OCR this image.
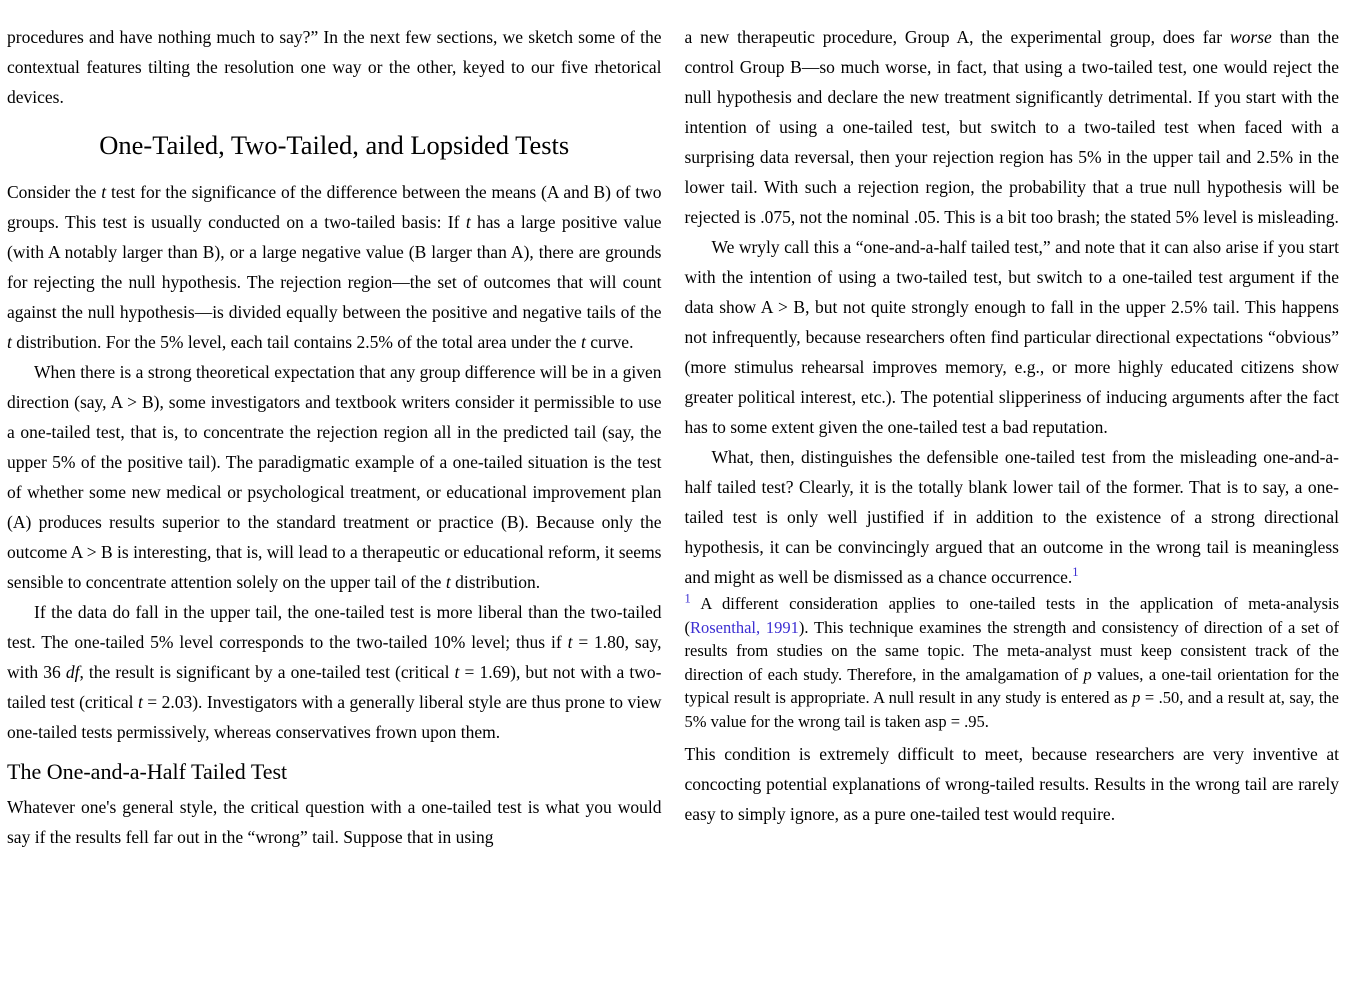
procedures and have nothing much to say?” In the next few sections, we sketch some of the contextual features tilting the resolution one way or the other, keyed to our five rhetorical devices.

One-Tailed, Two-Tailed, and Lopsided Tests

Consider the t test for the significance of the difference between the means (A and B) of two groups. This test is usually conducted on a two-tailed basis: If t has a large positive value (with A notably larger than B), or a large negative value (B larger than A), there are grounds for rejecting the null hypothesis. The rejection region—the set of outcomes that will count against the null hypothesis—is divided equally between the positive and negative tails of the t distribution. For the 5% level, each tail contains 2.5% of the total area under the t curve.

When there is a strong theoretical expectation that any group difference will be in a given direction (say, A > B), some investigators and textbook writers consider it permissible to use a one-tailed test, that is, to concentrate the rejection region all in the predicted tail (say, the upper 5% of the positive tail). The paradigmatic example of a one-tailed situation is the test of whether some new medical or psychological treatment, or educational improvement plan (A) produces results superior to the standard treatment or practice (B). Because only the outcome A > B is interesting, that is, will lead to a therapeutic or educational reform, it seems sensible to concentrate attention solely on the upper tail of the t distribution.

If the data do fall in the upper tail, the one-tailed test is more liberal than the two-tailed test. The one-tailed 5% level corresponds to the two-tailed 10% level; thus if t = 1.80, say, with 36 df, the result is significant by a one-tailed test (critical t = 1.69), but not with a two-tailed test (critical t = 2.03). Investigators with a generally liberal style are thus prone to view one-tailed tests permissively, whereas conservatives frown upon them.

The One-and-a-Half Tailed Test

Whatever one's general style, the critical question with a one-tailed test is what you would say if the results fell far out in the “wrong” tail. Suppose that in using

a new therapeutic procedure, Group A, the experimental group, does far worse than the control Group B—so much worse, in fact, that using a two-tailed test, one would reject the null hypothesis and declare the new treatment significantly detrimental. If you start with the intention of using a one-tailed test, but switch to a two-tailed test when faced with a surprising data reversal, then your rejection region has 5% in the upper tail and 2.5% in the lower tail. With such a rejection region, the probability that a true null hypothesis will be rejected is .075, not the nominal .05. This is a bit too brash; the stated 5% level is misleading.

We wryly call this a “one-and-a-half tailed test,” and note that it can also arise if you start with the intention of using a two-tailed test, but switch to a one-tailed test argument if the data show A > B, but not quite strongly enough to fall in the upper 2.5% tail. This happens not infrequently, because researchers often find particular directional expectations “obvious” (more stimulus rehearsal improves memory, e.g., or more highly educated citizens show greater political interest, etc.). The potential slipperiness of inducing arguments after the fact has to some extent given the one-tailed test a bad reputation.

What, then, distinguishes the defensible one-tailed test from the misleading one-and-a-half tailed test? Clearly, it is the totally blank lower tail of the former. That is to say, a one-tailed test is only well justified if in addition to the existence of a strong directional hypothesis, it can be convincingly argued that an outcome in the wrong tail is meaningless and might as well be dismissed as a chance occurrence.$^1$

$^1$ A different consideration applies to one-tailed tests in the application of meta-analysis (Rosenthal, 1991). This technique examines the strength and consistency of direction of a set of results from studies on the same topic. The meta-analyst must keep consistent track of the direction of each study. Therefore, in the amalgamation of p values, a one-tail orientation for the typical result is appropriate. A null result in any study is entered as p = .50, and a result at, say, the 5% value for the wrong tail is taken asp = .95.

This condition is extremely difficult to meet, because researchers are very inventive at concocting potential explanations of wrong-tailed results. Results in the wrong tail are rarely easy to simply ignore, as a pure one-tailed test would require.
